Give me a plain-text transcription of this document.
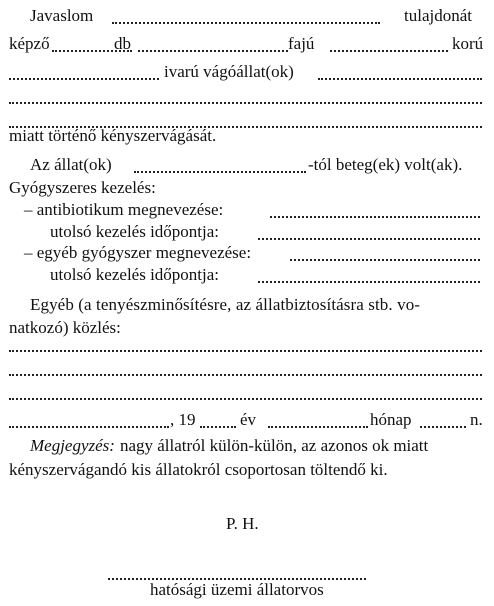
Javaslom	tulajdonát
képző	db	fajú	korú
ivarú vágóállat(ok)
miatt történő kényszervágását.
Az állat(ok)	-tól beteg(ek) volt(ak).
Gyógyszeres kezelés:
– antibiotikum megnevezése:
utolsó kezelés időpontja:
– egyéb gyógyszer megnevezése:
utolsó kezelés időpontja:
Egyéb (a tenyészminősítésre, az állatbiztosításra stb. vo-
natkozó) közlés:
, 19	év	hónap	n.
Megjegyzés: nagy állatról külön-külön, az azonos ok miatt
kényszervágandó kis állatokról csoportosan töltendő ki.
P. H.
hatósági üzemi állatorvos
